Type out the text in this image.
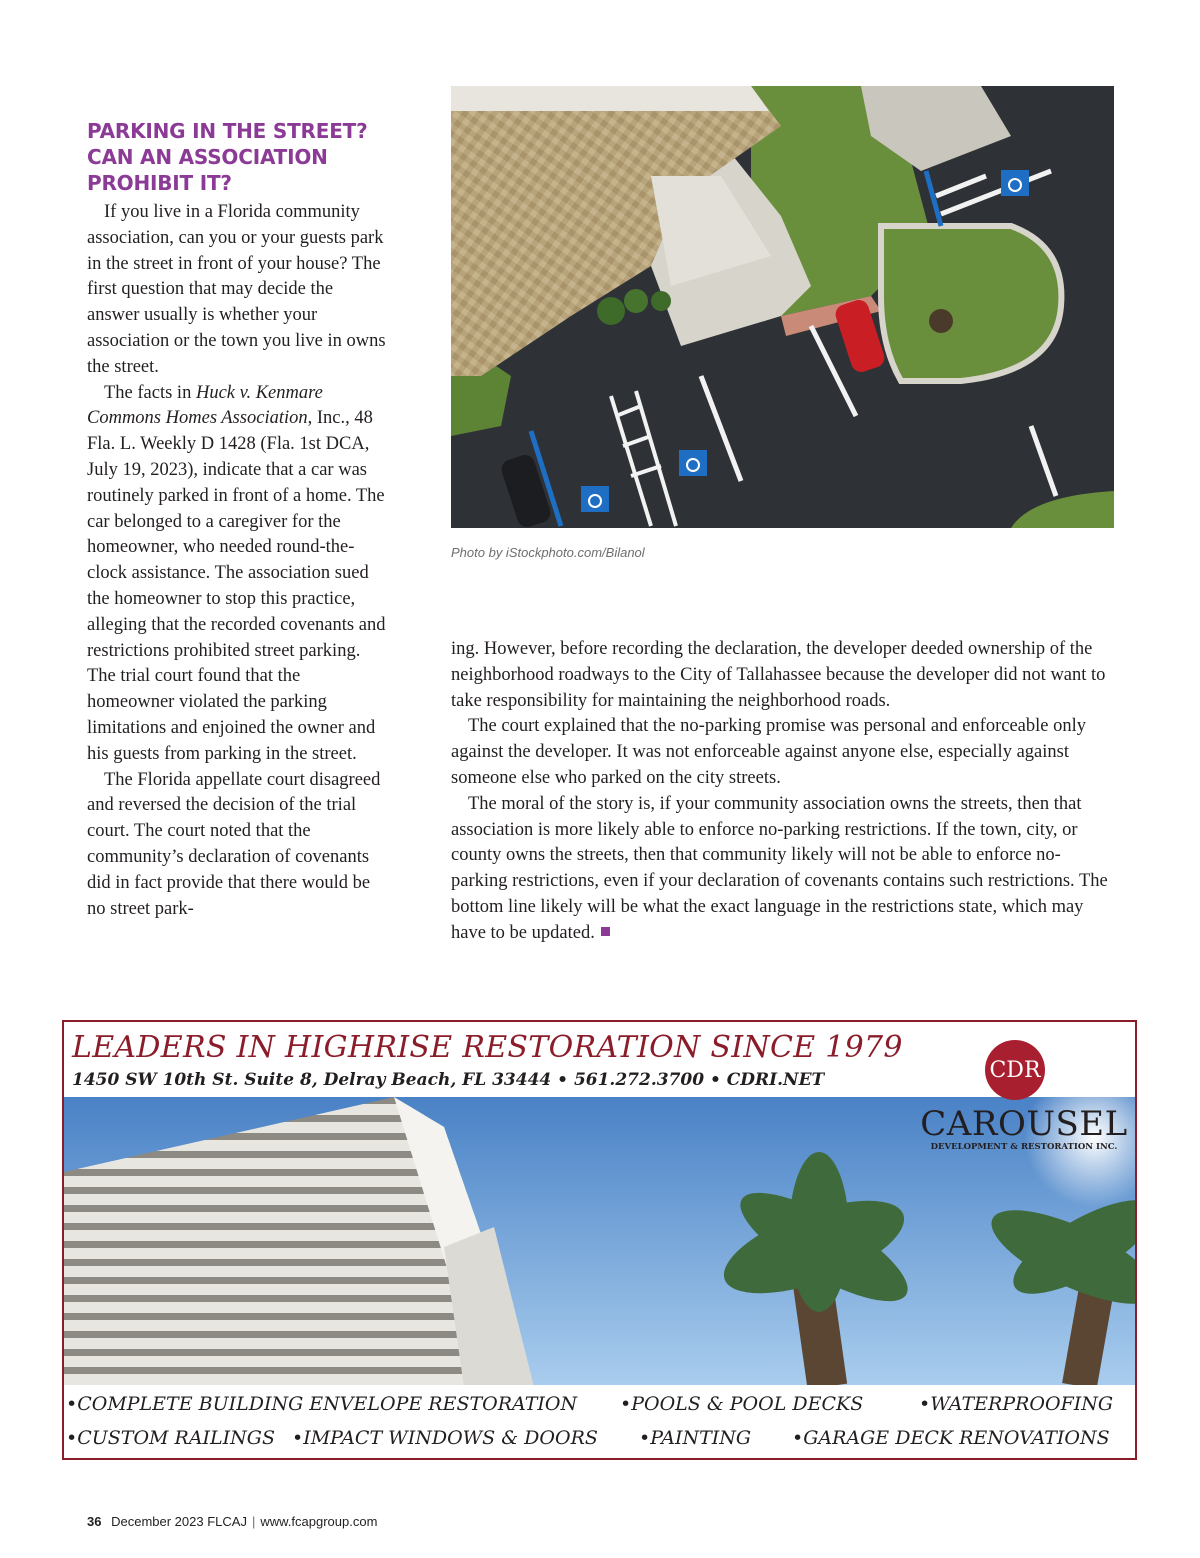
PARKING IN THE STREET? CAN AN ASSOCIATION PROHIBIT IT?

If you live in a Florida community association, can you or your guests park in the street in front of your house? The first question that may decide the answer usually is whether your association or the town you live in owns the street.

The facts in Huck v. Kenmare Commons Homes Association, Inc., 48 Fla. L. Weekly D 1428 (Fla. 1st DCA, July 19, 2023), indicate that a car was routinely parked in front of a home. The car belonged to a caregiver for the homeowner, who needed round-the-clock assistance. The association sued the homeowner to stop this practice, alleging that the recorded covenants and restrictions prohibited street parking. The trial court found that the homeowner violated the parking limitations and enjoined the owner and his guests from parking in the street.

The Florida appellate court disagreed and reversed the decision of the trial court. The court noted that the community’s declaration of covenants did in fact provide that there would be no street park-

Photo by iStockphoto.com/Bilanol

ing. However, before recording the declaration, the developer deeded ownership of the neighborhood roadways to the City of Tallahassee because the developer did not want to take responsibility for maintaining the neighborhood roads.

The court explained that the no-parking promise was personal and enforceable only against the developer. It was not enforceable against anyone else, especially against someone else who parked on the city streets.

The moral of the story is, if your community association owns the streets, then that association is more likely able to enforce no-parking restrictions. If the town, city, or county owns the streets, then that community likely will not be able to enforce no-parking restrictions, even if your declaration of covenants contains such restrictions. The bottom line likely will be what the exact language in the restrictions state, which may have to be updated.

LEADERS IN HIGHRISE RESTORATION SINCE 1979

1450 SW 10th St. Suite 8, Delray Beach, FL 33444 • 561.272.3700 • CDRI.NET	CDR

CAROUSEL

DEVELOPMENT & RESTORATION INC.

•COMPLETE BUILDING ENVELOPE RESTORATION •POOLS & POOL DECKS	•WATERPROOFING

•CUSTOM RAILINGS •IMPACT WINDOWS & DOORS •PAINTING •GARAGE DECK RENOVATIONS

36 December 2023 FLCAJ | www.fcapgroup.com
